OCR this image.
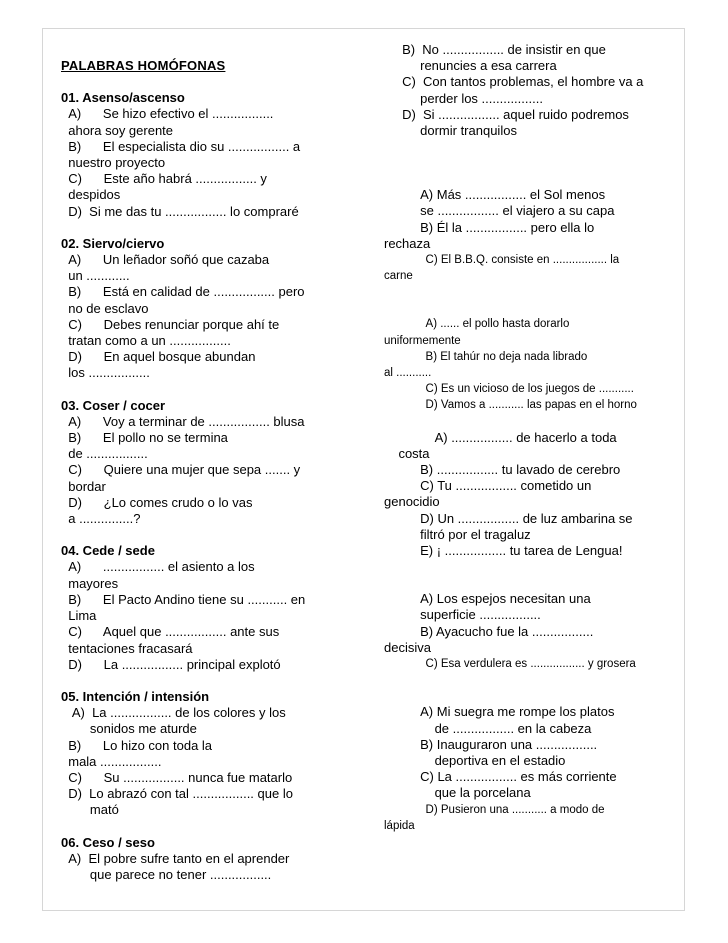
PALABRAS HOMÓFONAS
01. Asenso/ascenso
A)      Se hizo efectivo el .................
ahora soy gerente
B)      El especialista dio su ................. a
nuestro proyecto
C)      Este año habrá ................. y
despidos
D)  Si me das tu ................. lo compraré
02. Siervo/ciervo
A)      Un leñador soñó que cazaba
un ............
B)      Está en calidad de ................. pero
no de esclavo
C)      Debes renunciar porque ahí te
tratan como a un .................
D)      En aquel bosque abundan
los .................
03. Coser / cocer
A)      Voy a terminar de ................. blusa
B)      El pollo no se termina
de .................
C)      Quiere una mujer que sepa ....... y
bordar
D)      ¿Lo comes crudo o lo vas
a ...............?
04. Cede / sede
A)      ................. el asiento a los
mayores
B)      El Pacto Andino tiene su ........... en
Lima
C)      Aquel que ................. ante sus
tentaciones fracasará
D)      La ................. principal explotó
05. Intención / intensión
A)  La ................. de los colores y los
sonidos me aturde
B)      Lo hizo con toda la
mala .................
C)      Su ................. nunca fue matarlo
D)  Lo abrazó con tal ................. que lo
mató
06. Ceso / seso
A)  El pobre sufre tanto en el aprender
que parece no tener .................
B)  No ................. de insistir en que
renuncies a esa carrera
C)  Con tantos problemas, el hombre va a
perder los .................
D)  Si ................. aquel ruido podremos
dormir tranquilos
A) Más ................. el Sol menos
se ................. el viajero a su capa
B) Él la ................. pero ella lo
rechaza
C) El B.B.Q. consiste en ................. la
carne
A) ...... el pollo hasta dorarlo
uniformemente
B) El tahúr no deja nada librado
al ...........
C) Es un vicioso de los juegos de ...........
D) Vamos a ........... las papas en el horno
A) ................. de hacerlo a toda
costa
B) ................. tu lavado de cerebro
C) Tu ................. cometido un
genocidio
D) Un ................. de luz ambarina se
filtró por el tragaluz
E) ¡ ................. tu tarea de Lengua!
A) Los espejos necesitan una
superficie .................
B) Ayacucho fue la .................
decisiva
C) Esa verdulera es ................. y grosera
A) Mi suegra me rompe los platos
de ................. en la cabeza
B) Inauguraron una .................
deportiva en el estadio
C) La ................. es más corriente
que la porcelana
D) Pusieron una ........... a modo de
lápida
